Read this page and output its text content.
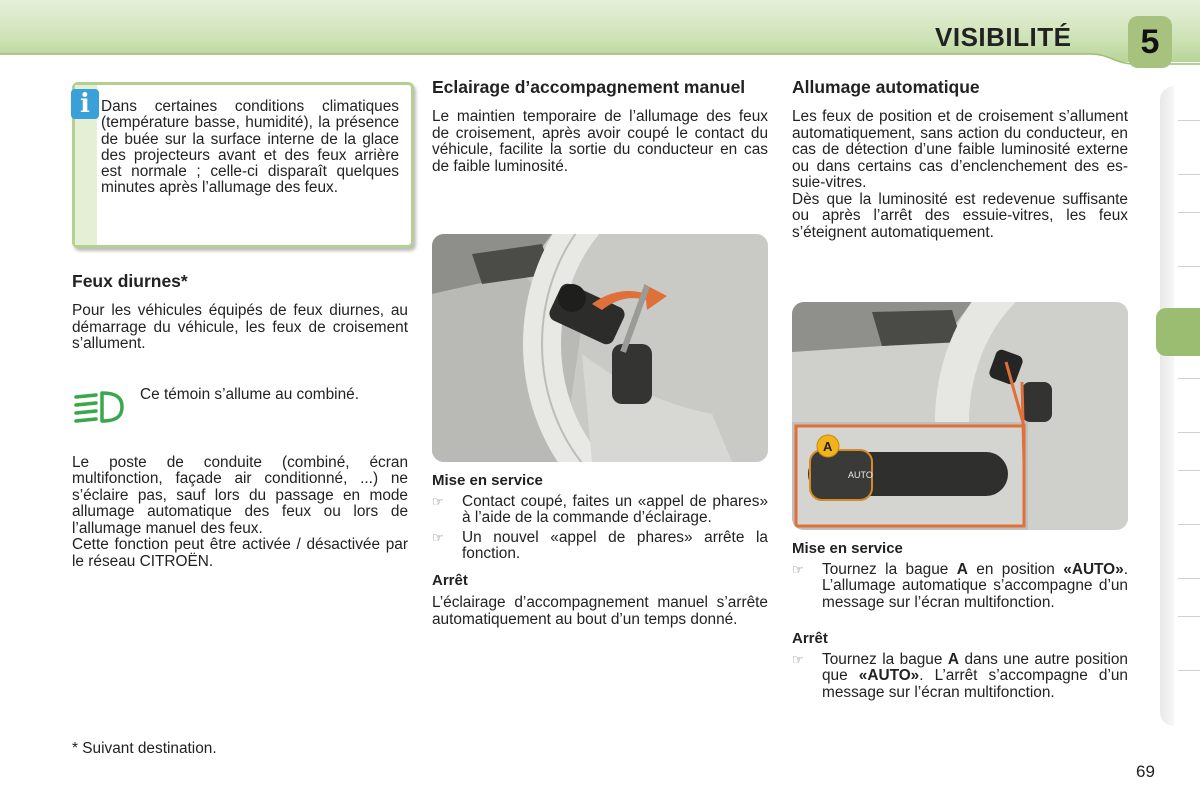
VISIBILITÉ	5
i Dans certaines conditions climatiques (température basse, humidité), la présence de buée sur la surface interne de la glace des projecteurs avant et des feux arrière est normale ; celle-ci disparaît quelques minutes après l’allumage des feux.
Feux diurnes*

Pour les véhicules équipés de feux diurnes, au démarrage du véhicule, les feux de croisement s’allument.

Ce témoin s’allume au combiné.

Le poste de conduite (combiné, écran multifonction, façade air conditionné, ...) ne s’éclaire pas, sauf lors du passage en mode allumage automatique des feux ou lors de l’allumage manuel des feux.

Cette fonction peut être activée / désactivée par le réseau CITROËN.

Eclairage d’accompagnement manuel

Le maintien temporaire de l’allumage des feux de croisement, après avoir coupé le contact du véhicule, facilite la sortie du conducteur en cas de faible luminosité.

Mise en service
☞	Contact coupé, faites un «appel de phares» à l’aide de la commande d’éclairage.

☞	Un nouvel «appel de phares» arrête la fonction.

Arrêt

L’éclairage d’accompagnement manuel s’arrête automatiquement au bout d’un temps donné.

Allumage automatique

Les feux de position et de croisement s’allument automatiquement, sans action du conducteur, en cas de détection d’une faible luminosité externe ou dans certains cas d’enclenchement des essuie-vitres.

Dès que la luminosité est redevenue suffisante ou après l’arrêt des essuie-vitres, les feux s’éteignent automatiquement.

AUTO
A
Mise en service
☞	Tournez la bague A en position «AUTO». L’allumage automatique s’accompagne d’un message sur l’écran multifonction.

Arrêt
☞	Tournez la bague A dans une autre position que «AUTO». L’arrêt s’accompagne d’un message sur l’écran multifonction.

* Suivant destination.
69
